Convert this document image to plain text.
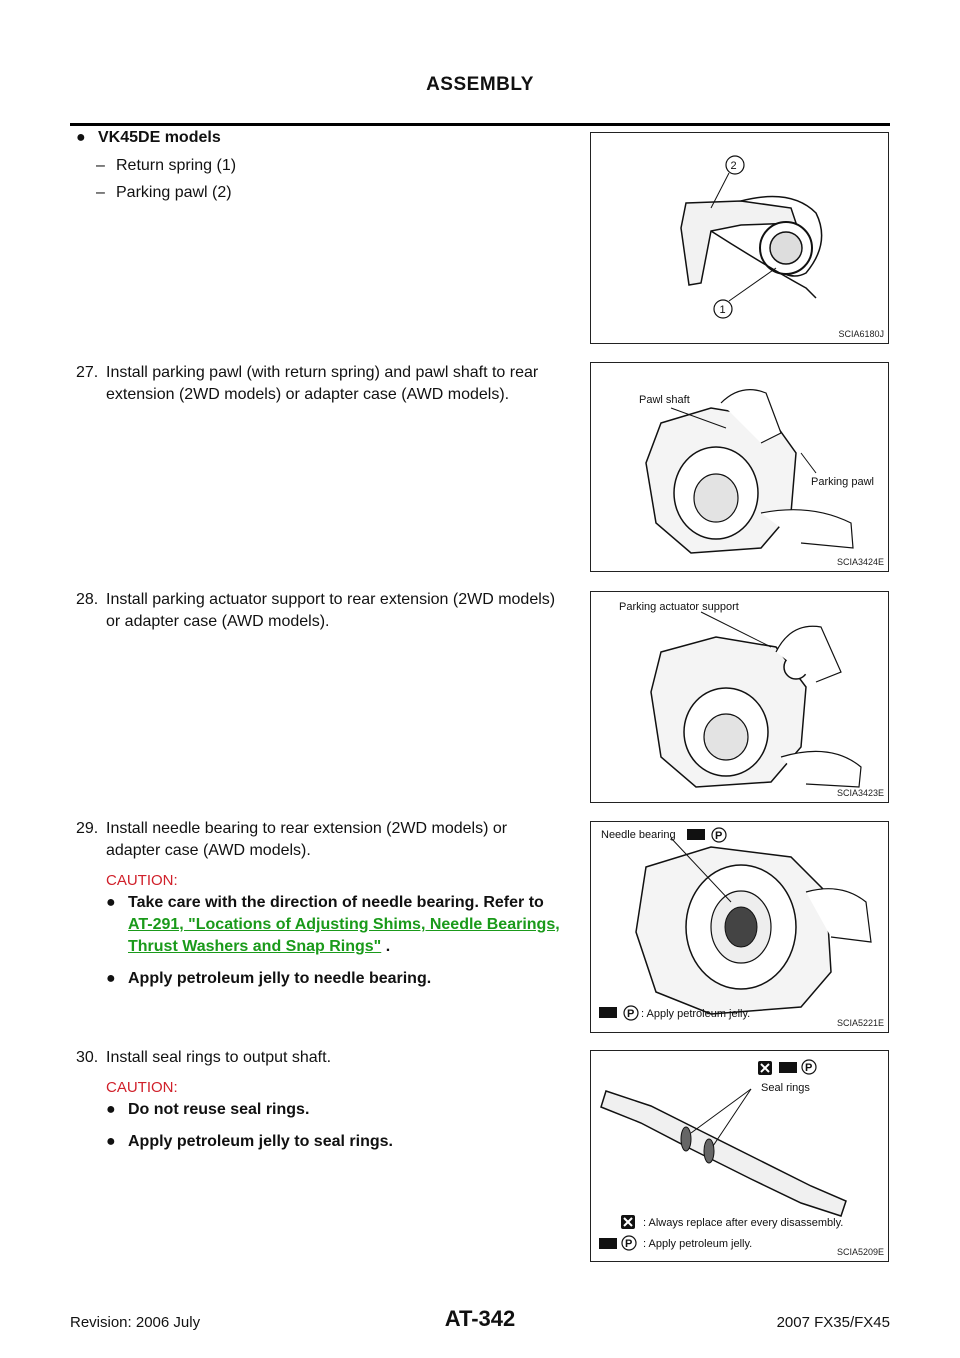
ASSEMBLY
● VK45DE models
– Return spring (1)
– Parking pawl (2)
2
1
SCIA6180J
27. Install parking pawl (with return spring) and pawl shaft to rear
extension (2WD models) or adapter case (AWD models).	Pawl shaft
Parking pawl
SCIA3424E
28. Install parking actuator support to rear extension (2WD models)
or adapter case (AWD models).
Parking actuator support
SCIA3423E
29. Install needle bearing to rear extension (2WD models) or
adapter case (AWD models).
CAUTION:
● Take care with the direction of needle bearing. Refer to
AT-291, "Locations of Adjusting Shims, Needle Bearings,
Thrust Washers and Snap Rings" .
● Apply petroleum jelly to needle bearing.
Needle bearing	P
P : Apply petroleum jelly.
SCIA5221E
30. Install seal rings to output shaft.
CAUTION:
● Do not reuse seal rings.
● Apply petroleum jelly to seal rings.
P
Seal rings
: Always replace after every disassembly.
P : Apply petroleum jelly.
SCIA5209E
Revision: 2006 July	AT-342	2007 FX35/FX45
